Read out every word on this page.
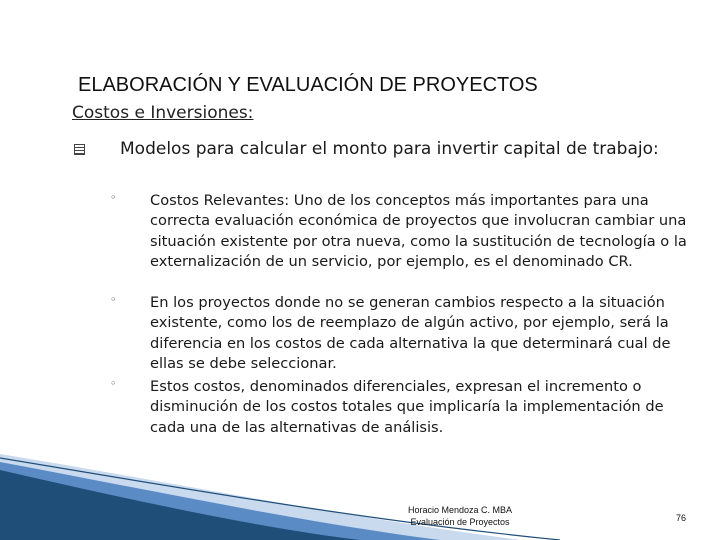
ELABORACIÓN Y EVALUACIÓN DE PROYECTOS
Costos e Inversiones:
Modelos para calcular el monto para invertir capital de trabajo:
◦ Costos Relevantes: Uno de los conceptos más importantes para una correcta evaluación económica de proyectos que involucran cambiar una situación existente por otra nueva, como la sustitución de tecnología o la externalización de un servicio, por ejemplo, es el denominado CR.
◦ En los proyectos donde no se generan cambios respecto a la situación existente, como los de reemplazo de algún activo, por ejemplo, será la diferencia en los costos de cada alternativa la que determinará cual de ellas se debe seleccionar.
◦ Estos costos, denominados diferenciales, expresan el incremento o disminución de los costos totales que implicaría la implementación de cada una de las alternativas de análisis.
Horacio Mendoza C. MBA
Evaluación de Proyectos	76
